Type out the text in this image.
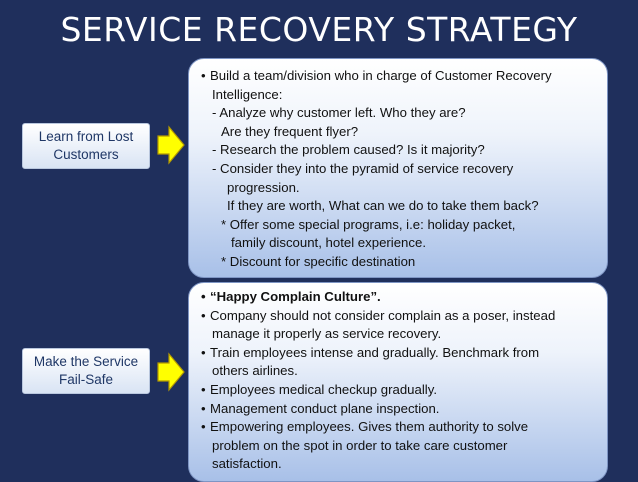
SERVICE RECOVERY STRATEGY
Learn from Lost
Customers
• Build a team/division who in charge of Customer Recovery
Intelligence:
- Analyze why customer left. Who they are?
Are they frequent flyer?
- Research the problem caused? Is it majority?
- Consider they into the pyramid of service recovery
progression.
If they are worth, What can we do to take them back?
* Offer some special programs, i.e: holiday packet,
family discount, hotel experience.
* Discount for specific destination
Make the Service
Fail-Safe
• “Happy Complain Culture”.
• Company should not consider complain as a poser, instead
manage it properly as service recovery.
• Train employees intense and gradually. Benchmark from
others airlines.
• Employees medical checkup gradually.
• Management conduct plane inspection.
• Empowering employees. Gives them authority to solve
problem on the spot in order to take care customer
satisfaction.
